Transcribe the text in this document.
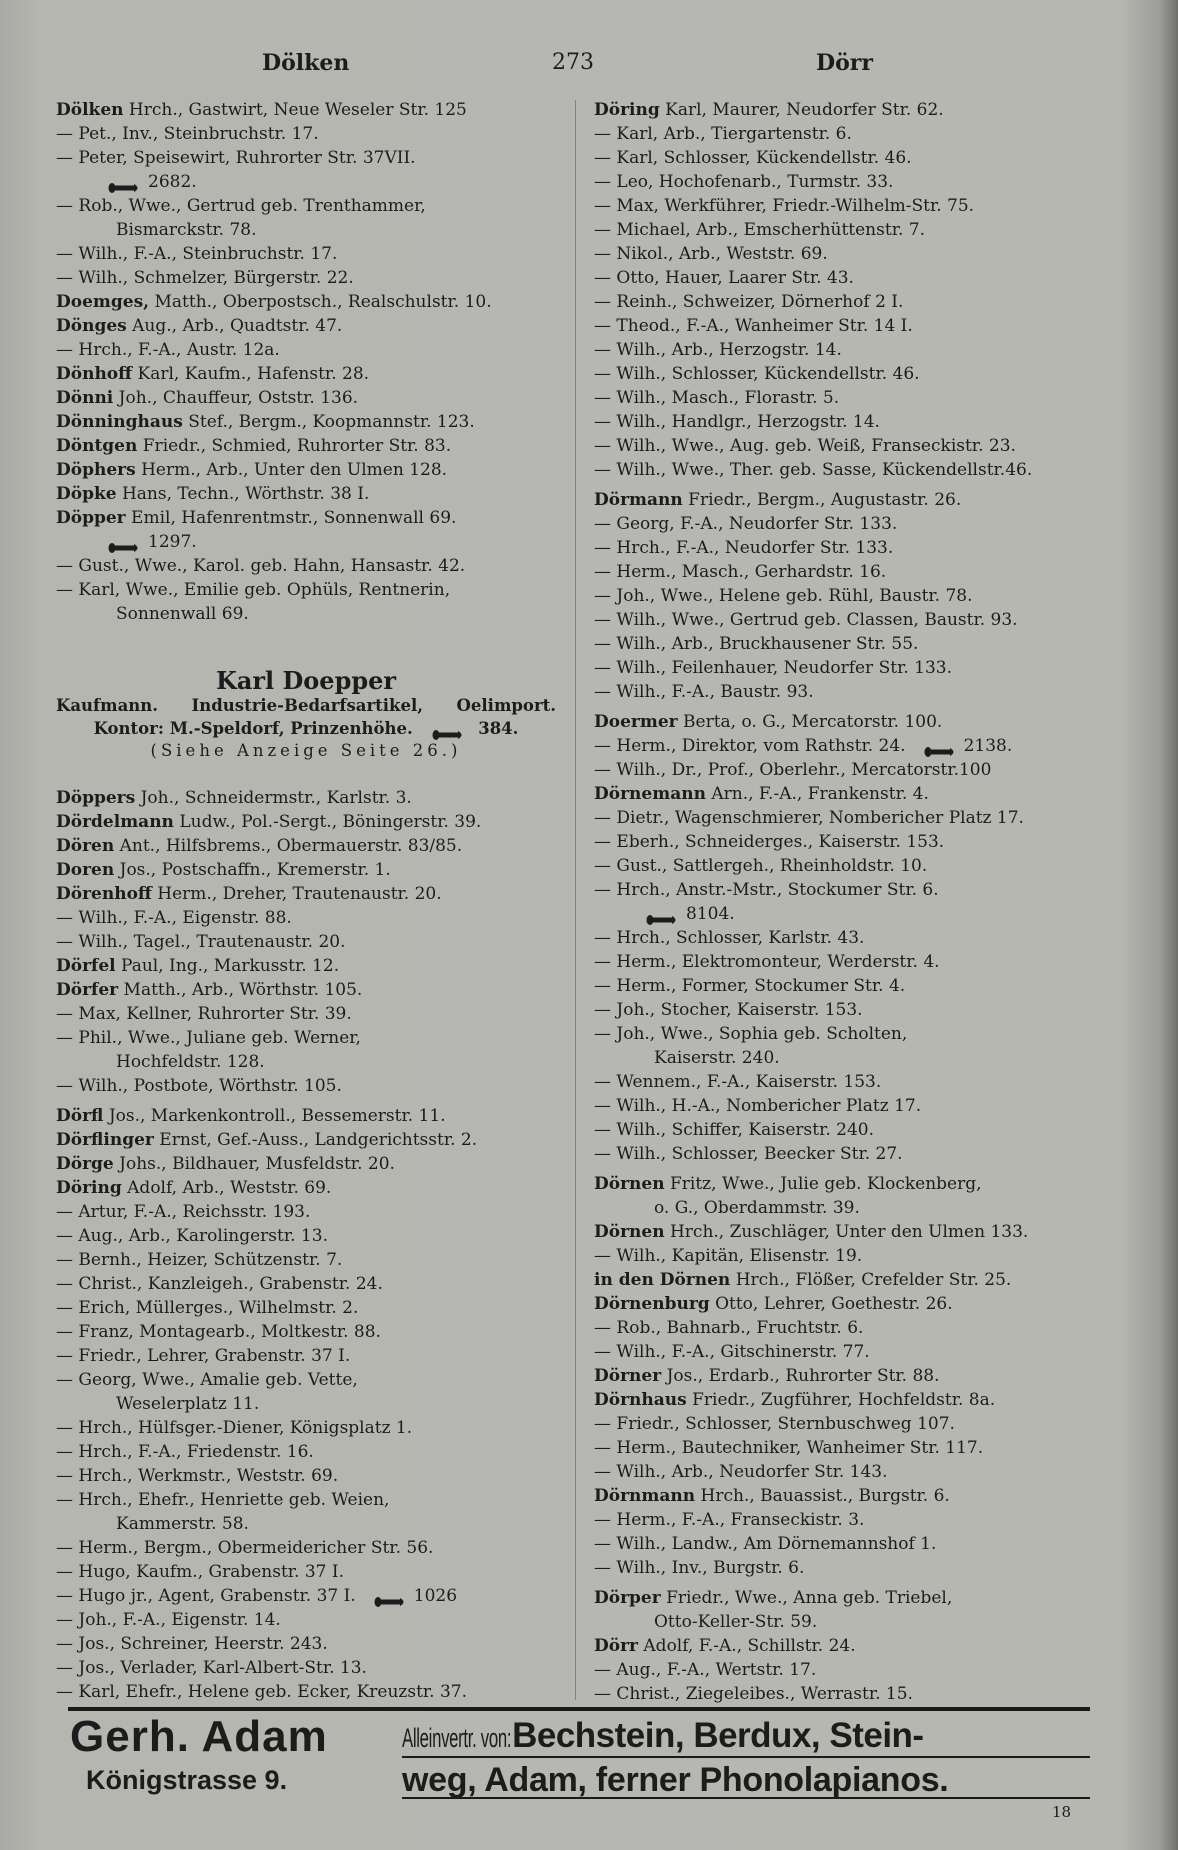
Dölken	273	Dörr
Dölken Hrch., Gastwirt, Neue Weseler Str. 125
— Pet., Inv., Steinbruchstr. 17.
— Peter, Speisewirt, Ruhrorter Str. 37VII.
2682.
— Rob., Wwe., Gertrud geb. Trenthammer,
Bismarckstr. 78.
— Wilh., F.-A., Steinbruchstr. 17.
— Wilh., Schmelzer, Bürgerstr. 22.
Doemges, Matth., Oberpostsch., Realschulstr. 10.
Dönges Aug., Arb., Quadtstr. 47.
— Hrch., F.-A., Austr. 12a.
Dönhoff Karl, Kaufm., Hafenstr. 28.
Dönni Joh., Chauffeur, Oststr. 136.
Dönninghaus Stef., Bergm., Koopmannstr. 123.
Döntgen Friedr., Schmied, Ruhrorter Str. 83.
Döphers Herm., Arb., Unter den Ulmen 128.
Döpke Hans, Techn., Wörthstr. 38 I.
Döpper Emil, Hafenrentmstr., Sonnenwall 69.
1297.
— Gust., Wwe., Karol. geb. Hahn, Hansastr. 42.
— Karl, Wwe., Emilie geb. Ophüls, Rentnerin,
Sonnenwall 69.
Karl Doepper
Kaufmann. Industrie-Bedarfsartikel, Oelimport.
Kontor: M.-Speldorf, Prinzenhöhe.	384.
(Siehe Anzeige Seite 26.)
Döppers Joh., Schneidermstr., Karlstr. 3.
Dördelmann Ludw., Pol.-Sergt., Böningerstr. 39.
Dören Ant., Hilfsbrems., Obermauerstr. 83/85.
Doren Jos., Postschaffn., Kremerstr. 1.
Dörenhoff Herm., Dreher, Trautenaustr. 20.
— Wilh., F.-A., Eigenstr. 88.
— Wilh., Tagel., Trautenaustr. 20.
Dörfel Paul, Ing., Markusstr. 12.
Dörfer Matth., Arb., Wörthstr. 105.
— Max, Kellner, Ruhrorter Str. 39.
— Phil., Wwe., Juliane geb. Werner,
Hochfeldstr. 128.
— Wilh., Postbote, Wörthstr. 105.
Dörfl Jos., Markenkontroll., Bessemerstr. 11.
Dörflinger Ernst, Gef.-Auss., Landgerichtsstr. 2.
Dörge Johs., Bildhauer, Musfeldstr. 20.
Döring Adolf, Arb., Weststr. 69.
— Artur, F.-A., Reichsstr. 193.
— Aug., Arb., Karolingerstr. 13.
— Bernh., Heizer, Schützenstr. 7.
— Christ., Kanzleigeh., Grabenstr. 24.
— Erich, Müllerges., Wilhelmstr. 2.
— Franz, Montagearb., Moltkestr. 88.
— Friedr., Lehrer, Grabenstr. 37 I.
— Georg, Wwe., Amalie geb. Vette,
Weselerplatz 11.
— Hrch., Hülfsger.-Diener, Königsplatz 1.
— Hrch., F.-A., Friedenstr. 16.
— Hrch., Werkmstr., Weststr. 69.
— Hrch., Ehefr., Henriette geb. Weien,
Kammerstr. 58.
— Herm., Bergm., Obermeidericher Str. 56.
— Hugo, Kaufm., Grabenstr. 37 I.
— Hugo jr., Agent, Grabenstr. 37 I.	1026
— Joh., F.-A., Eigenstr. 14.
— Jos., Schreiner, Heerstr. 243.
— Jos., Verlader, Karl-Albert-Str. 13.
— Karl, Ehefr., Helene geb. Ecker, Kreuzstr. 37.
Döring Karl, Maurer, Neudorfer Str. 62.
— Karl, Arb., Tiergartenstr. 6.
— Karl, Schlosser, Kückendellstr. 46.
— Leo, Hochofenarb., Turmstr. 33.
— Max, Werkführer, Friedr.-Wilhelm-Str. 75.
— Michael, Arb., Emscherhüttenstr. 7.
— Nikol., Arb., Weststr. 69.
— Otto, Hauer, Laarer Str. 43.
— Reinh., Schweizer, Dörnerhof 2 I.
— Theod., F.-A., Wanheimer Str. 14 I.
— Wilh., Arb., Herzogstr. 14.
— Wilh., Schlosser, Kückendellstr. 46.
— Wilh., Masch., Florastr. 5.
— Wilh., Handlgr., Herzogstr. 14.
— Wilh., Wwe., Aug. geb. Weiß, Franseckistr. 23.
— Wilh., Wwe., Ther. geb. Sasse, Kückendellstr.46.
Dörmann Friedr., Bergm., Augustastr. 26.
— Georg, F.-A., Neudorfer Str. 133.
— Hrch., F.-A., Neudorfer Str. 133.
— Herm., Masch., Gerhardstr. 16.
— Joh., Wwe., Helene geb. Rühl, Baustr. 78.
— Wilh., Wwe., Gertrud geb. Classen, Baustr. 93.
— Wilh., Arb., Bruckhausener Str. 55.
— Wilh., Feilenhauer, Neudorfer Str. 133.
— Wilh., F.-A., Baustr. 93.
Doermer Berta, o. G., Mercatorstr. 100.
— Herm., Direktor, vom Rathstr. 24.	2138.
— Wilh., Dr., Prof., Oberlehr., Mercatorstr.100
Dörnemann Arn., F.-A., Frankenstr. 4.
— Dietr., Wagenschmierer, Nombericher Platz 17.
— Eberh., Schneiderges., Kaiserstr. 153.
— Gust., Sattlergeh., Rheinholdstr. 10.
— Hrch., Anstr.-Mstr., Stockumer Str. 6.
8104.
— Hrch., Schlosser, Karlstr. 43.
— Herm., Elektromonteur, Werderstr. 4.
— Herm., Former, Stockumer Str. 4.
— Joh., Stocher, Kaiserstr. 153.
— Joh., Wwe., Sophia geb. Scholten,
Kaiserstr. 240.
— Wennem., F.-A., Kaiserstr. 153.
— Wilh., H.-A., Nombericher Platz 17.
— Wilh., Schiffer, Kaiserstr. 240.
— Wilh., Schlosser, Beecker Str. 27.
Dörnen Fritz, Wwe., Julie geb. Klockenberg,
o. G., Oberdammstr. 39.
Dörnen Hrch., Zuschläger, Unter den Ulmen 133.
— Wilh., Kapitän, Elisenstr. 19.
in den Dörnen Hrch., Flößer, Crefelder Str. 25.
Dörnenburg Otto, Lehrer, Goethestr. 26.
— Rob., Bahnarb., Fruchtstr. 6.
— Wilh., F.-A., Gitschinerstr. 77.
Dörner Jos., Erdarb., Ruhrorter Str. 88.
Dörnhaus Friedr., Zugführer, Hochfeldstr. 8a.
— Friedr., Schlosser, Sternbuschweg 107.
— Herm., Bautechniker, Wanheimer Str. 117.
— Wilh., Arb., Neudorfer Str. 143.
Dörnmann Hrch., Bauassist., Burgstr. 6.
— Herm., F.-A., Franseckistr. 3.
— Wilh., Landw., Am Dörnemannshof 1.
— Wilh., Inv., Burgstr. 6.
Dörper Friedr., Wwe., Anna geb. Triebel,
Otto-Keller-Str. 59.
Dörr Adolf, F.-A., Schillstr. 24.
— Aug., F.-A., Wertstr. 17.
— Christ., Ziegeleibes., Werrastr. 15.
Gerh. Adam
Königstrasse 9.
Alleinvertr. von:Bechstein, Berdux, Stein-
weg, Adam, ferner Phonolapianos.
18
